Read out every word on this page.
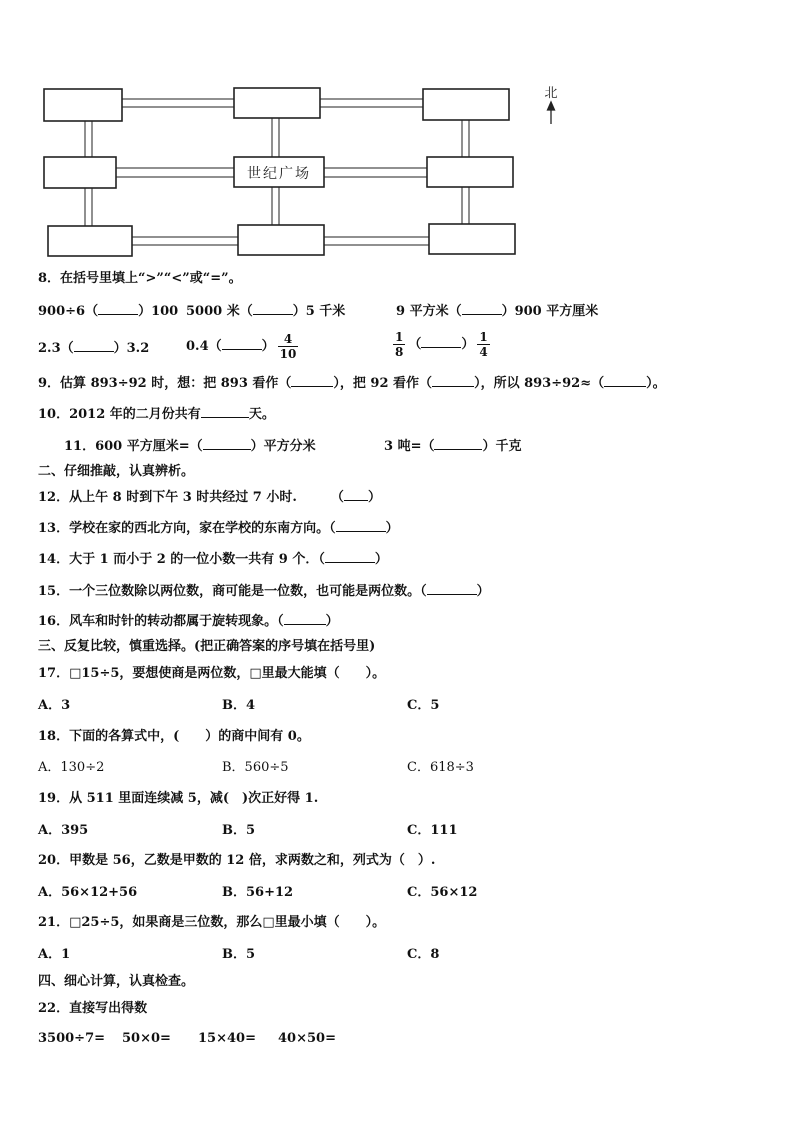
世纪广场
北
8．在括号里填上“>”“<”或“=”。
900÷6（	）100 5000 米（	）5 千米	9 平方米（	）900 平方厘米
2.3（	）3.2	0.4（	） $\frac{4}{10}$	$\frac{1}{8}$ （	） $\frac{1}{4}$
9．估算 893÷92 时，想：把 893 看作（	），把 92 看作（	），所以 893÷92≈（	）。
10．2012 年的二月份共有	天。
11．600 平方厘米=（	）平方分米	3 吨=（	）千克
二、仔细推敲，认真辨析。
12．从上午 8 时到下午 3 时共经过 7 小时.	（ ）
13．学校在家的西北方向，家在学校的东南方向。（	）
14．大于 1 而小于 2 的一位小数一共有 9 个．（	）
15．一个三位数除以两位数，商可能是一位数，也可能是两位数。（	）
16．风车和时针的转动都属于旋转现象。（	）
三、反复比较，慎重选择。(把正确答案的序号填在括号里)
17．□15÷5，要想使商是两位数，□里最大能填（　　）。
A．3	B．4	C．5
18．下面的各算式中，(　　）的商中间有 0。
A．130÷2	B．560÷5	C．618÷3
19．从 511 里面连续减 5，减(　)次正好得 1.
A．395	B．5	C．111
20．甲数是 56，乙数是甲数的 12 倍，求两数之和，列式为（　）.
A．56×12+56	B．56+12	C．56×12
21．□25÷5，如果商是三位数，那么□里最小填（　　）。
A．1	B．5	C．8
四、细心计算，认真检查。
22．直接写出得数
3500÷7= 50×0= 15×40= 40×50=
